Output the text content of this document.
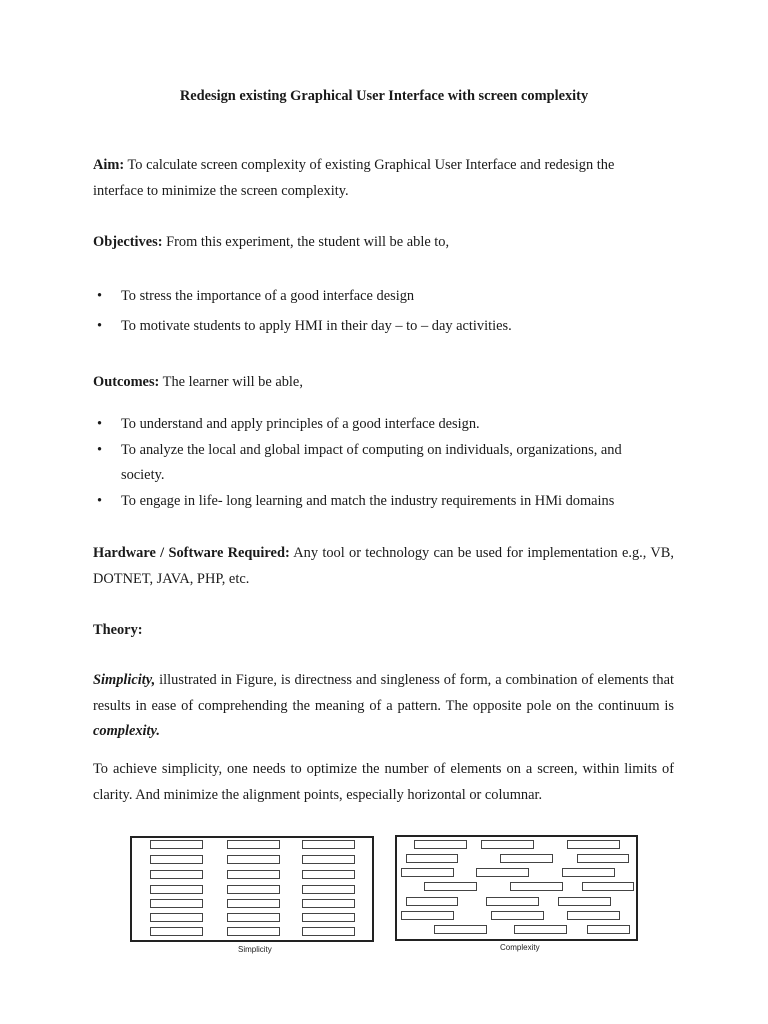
Redesign existing Graphical User Interface with screen complexity
Aim: To calculate screen complexity of existing Graphical User Interface and redesign the interface to minimize the screen complexity.
Objectives: From this experiment, the student will be able to,
• To stress the importance of a good interface design
• To motivate students to apply HMI in their day – to – day activities.
Outcomes: The learner will be able,
• To understand and apply principles of a good interface design.
• To analyze the local and global impact of computing on individuals, organizations, and society.
• To engage in life- long learning and match the industry requirements in HMi domains
Hardware / Software Required: Any tool or technology can be used for implementation e.g., VB, DOTNET, JAVA, PHP, etc.
Theory:
Simplicity, illustrated in Figure, is directness and singleness of form, a combination of elements that results in ease of comprehending the meaning of a pattern. The opposite pole on the continuum is complexity.
To achieve simplicity, one needs to optimize the number of elements on a screen, within limits of clarity. And minimize the alignment points, especially horizontal or columnar.
Simplicity	Complexity
